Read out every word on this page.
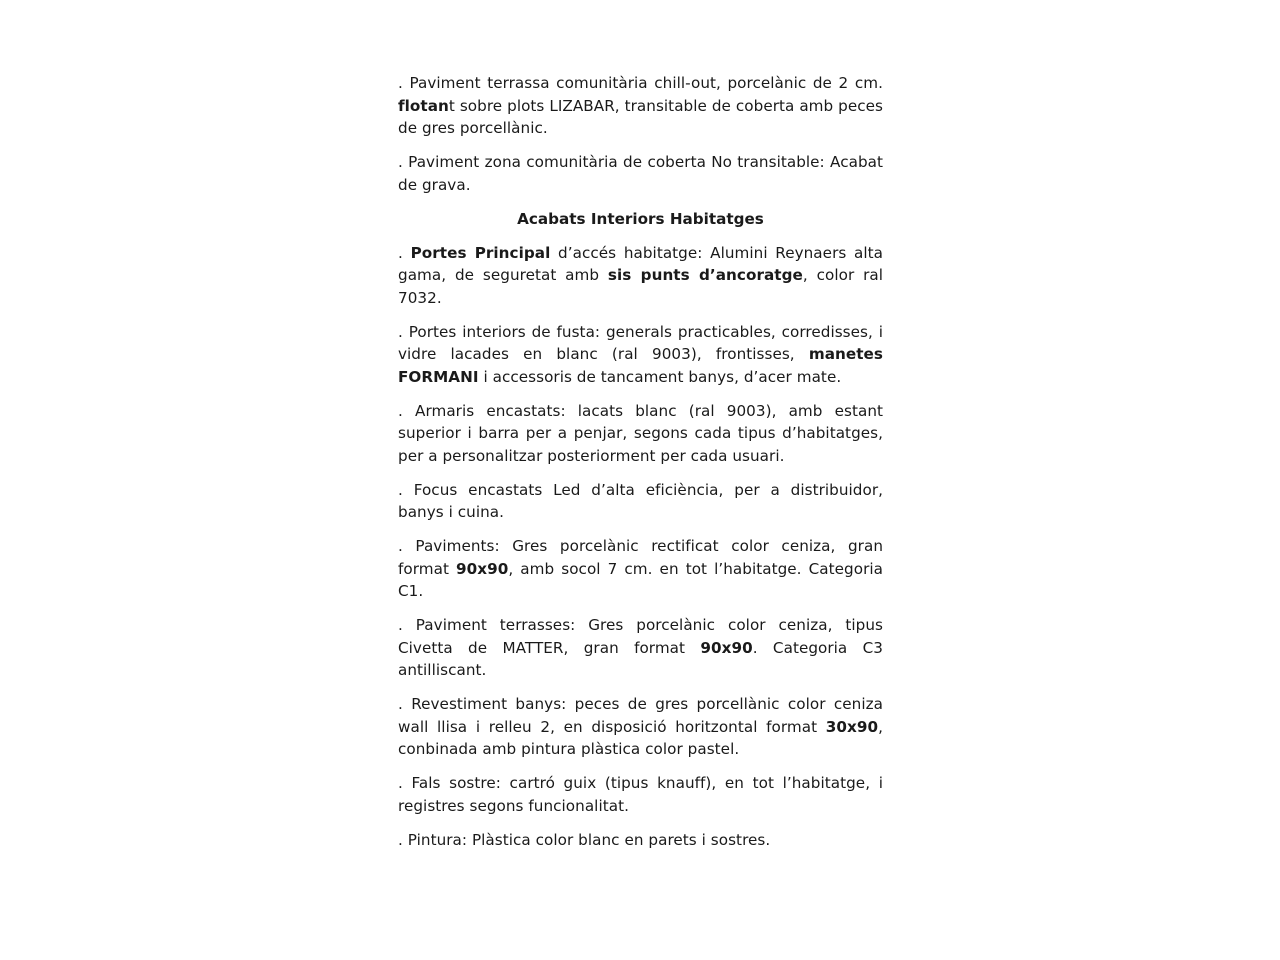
. Paviment terrassa comunitària chill-out, porcelànic de 2 cm. flotant sobre plots LIZABAR, transitable de coberta amb peces de gres porcellànic.

. Paviment zona comunitària de coberta No transitable: Acabat de grava.

Acabats Interiors Habitatges

. Portes Principal d’accés habitatge: Alumini Reynaers alta gama, de seguretat amb sis punts d’ancoratge, color ral 7032.

. Portes interiors de fusta: generals practicables, corredisses, i vidre lacades en blanc (ral 9003), frontisses, manetes FORMANI i accessoris de tancament banys, d’acer mate.

. Armaris encastats: lacats blanc (ral 9003), amb estant superior i barra per a penjar, segons cada tipus d’habitatges, per a personalitzar posteriorment per cada usuari.

. Focus encastats Led d’alta eficiència, per a distribuidor, banys i cuina.

. Paviments: Gres porcelànic rectificat color ceniza, gran format 90x90, amb socol 7 cm. en tot l’habitatge. Categoria C1.

. Paviment terrasses: Gres porcelànic color ceniza, tipus Civetta de MATTER, gran format 90x90. Categoria C3 antilliscant.

. Revestiment banys: peces de gres porcellànic color ceniza wall llisa i relleu 2, en disposició horitzontal format 30x90, conbinada amb pintura plàstica color pastel.

. Fals sostre: cartró guix (tipus knauff), en tot l’habitatge, i registres segons funcionalitat.

. Pintura: Plàstica color blanc en parets i sostres.
